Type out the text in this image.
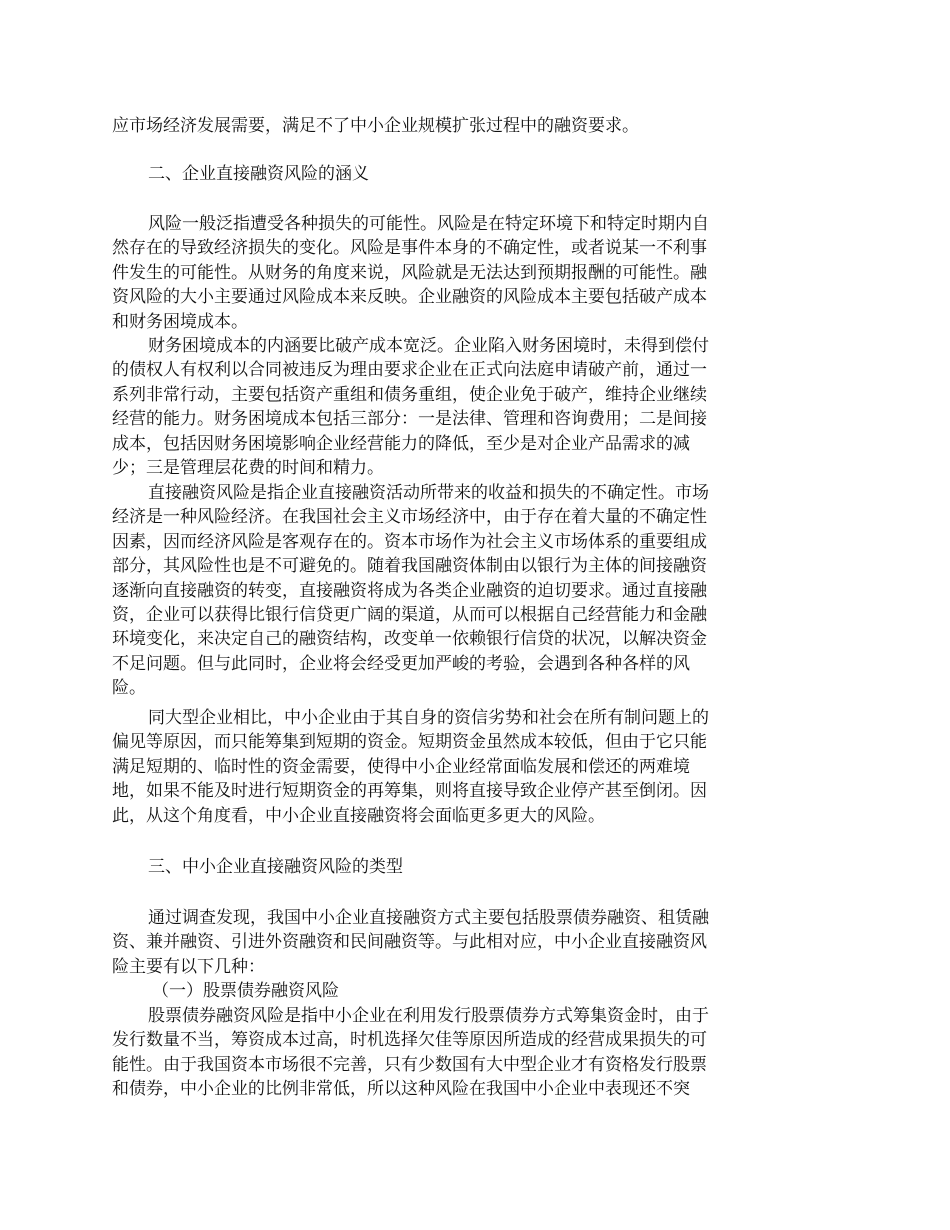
应市场经济发展需要，满足不了中小企业规模扩张过程中的融资要求。
二、企业直接融资风险的涵义
风险一般泛指遭受各种损失的可能性。风险是在特定环境下和特定时期内自
然存在的导致经济损失的变化。风险是事件本身的不确定性，或者说某一不利事
件发生的可能性。从财务的角度来说，风险就是无法达到预期报酬的可能性。融
资风险的大小主要通过风险成本来反映。企业融资的风险成本主要包括破产成本
和财务困境成本。
财务困境成本的内涵要比破产成本宽泛。企业陷入财务困境时，未得到偿付
的债权人有权利以合同被违反为理由要求企业在正式向法庭申请破产前，通过一
系列非常行动，主要包括资产重组和债务重组，使企业免于破产，维持企业继续
经营的能力。财务困境成本包括三部分：一是法律、管理和咨询费用；二是间接
成本，包括因财务困境影响企业经营能力的降低，至少是对企业产品需求的减
少；三是管理层花费的时间和精力。
直接融资风险是指企业直接融资活动所带来的收益和损失的不确定性。市场
经济是一种风险经济。在我国社会主义市场经济中，由于存在着大量的不确定性
因素，因而经济风险是客观存在的。资本市场作为社会主义市场体系的重要组成
部分，其风险性也是不可避免的。随着我国融资体制由以银行为主体的间接融资
逐渐向直接融资的转变，直接融资将成为各类企业融资的迫切要求。通过直接融
资，企业可以获得比银行信贷更广阔的渠道，从而可以根据自己经营能力和金融
环境变化，来决定自己的融资结构，改变单一依赖银行信贷的状况，以解决资金
不足问题。但与此同时，企业将会经受更加严峻的考验，会遇到各种各样的风
险。
同大型企业相比，中小企业由于其自身的资信劣势和社会在所有制问题上的
偏见等原因，而只能筹集到短期的资金。短期资金虽然成本较低，但由于它只能
满足短期的、临时性的资金需要，使得中小企业经常面临发展和偿还的两难境
地，如果不能及时进行短期资金的再筹集，则将直接导致企业停产甚至倒闭。因
此，从这个角度看，中小企业直接融资将会面临更多更大的风险。
三、中小企业直接融资风险的类型
通过调查发现，我国中小企业直接融资方式主要包括股票债券融资、租赁融
资、兼并融资、引进外资融资和民间融资等。与此相对应，中小企业直接融资风
险主要有以下几种：
（一）股票债券融资风险
股票债券融资风险是指中小企业在利用发行股票债券方式筹集资金时，由于
发行数量不当，筹资成本过高，时机选择欠佳等原因所造成的经营成果损失的可
能性。由于我国资本市场很不完善，只有少数国有大中型企业才有资格发行股票
和债券，中小企业的比例非常低，所以这种风险在我国中小企业中表现还不突
